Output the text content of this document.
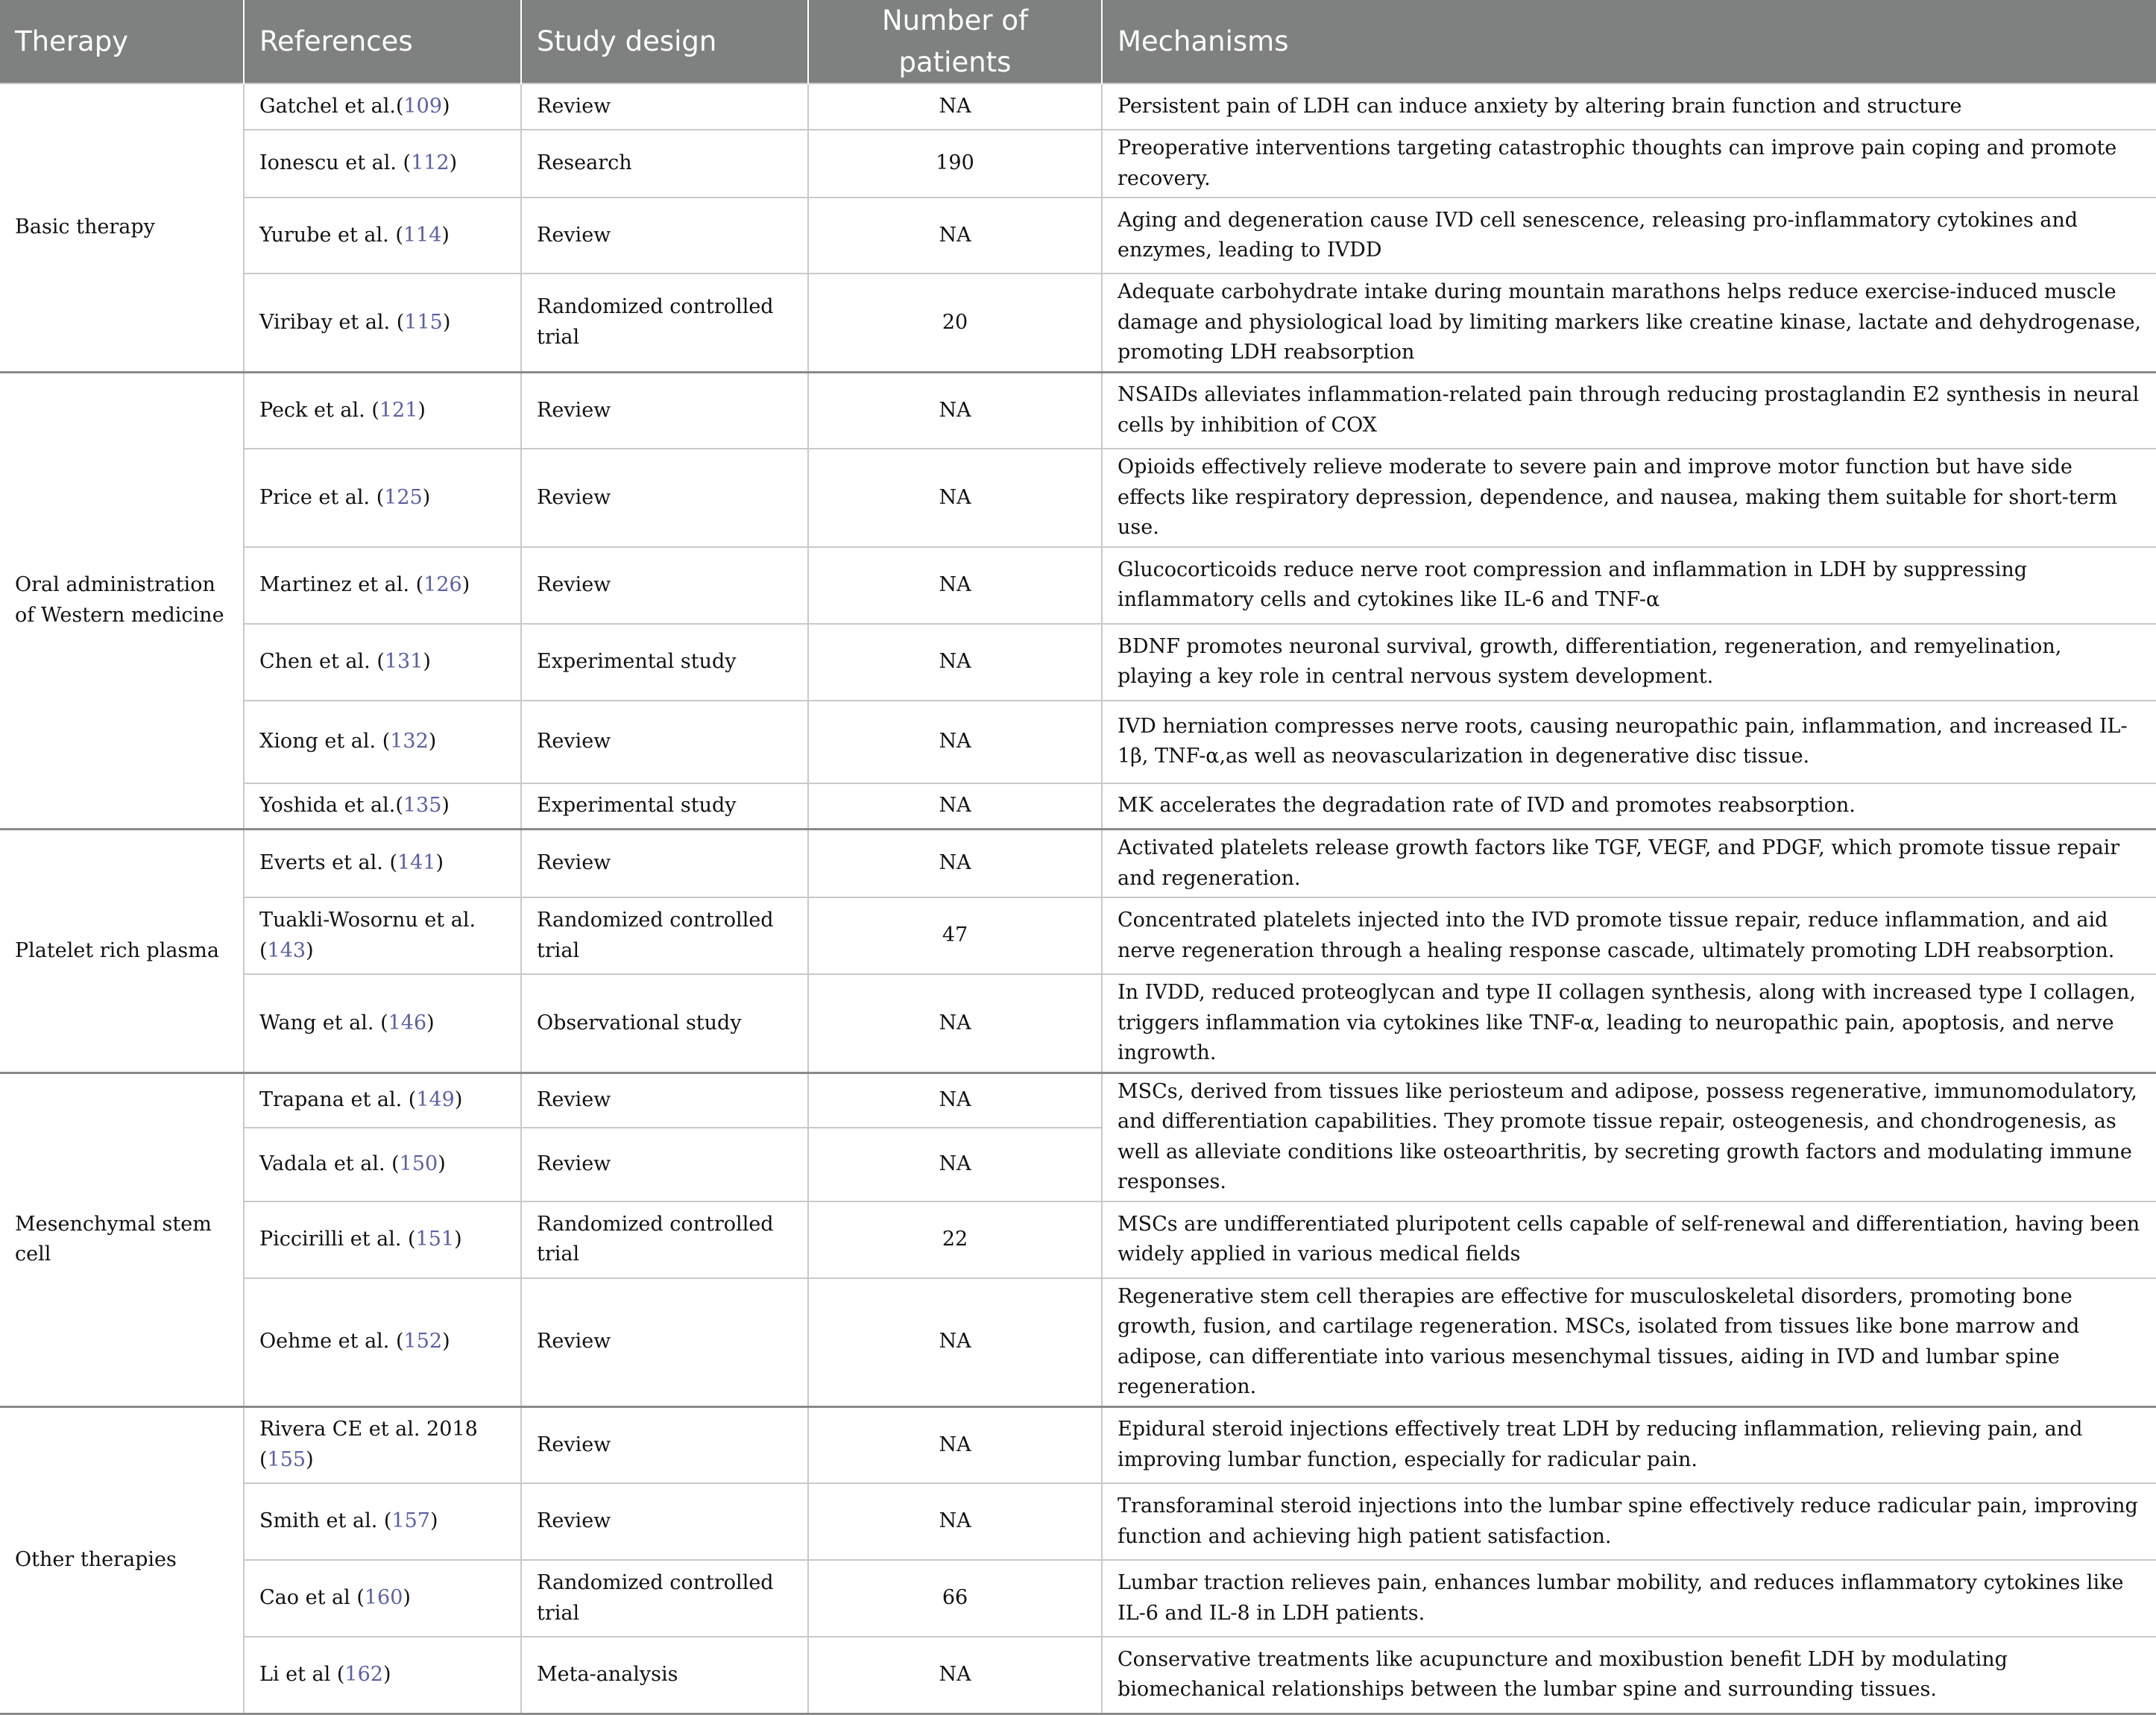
Therapy	References	Study design	Number of patients	Mechanisms
Basic therapy	Gatchel et al.(109)	Review	NA	Persistent pain of LDH can induce anxiety by altering brain function and structure
	Ionescu et al. (112)	Research	190	Preoperative interventions targeting catastrophic thoughts can improve pain coping and promote recovery.
	Yurube et al. (114)	Review	NA	Aging and degeneration cause IVD cell senescence, releasing pro-inflammatory cytokines and enzymes, leading to IVDD
	Viribay et al. (115)	Randomized controlled trial	20	Adequate carbohydrate intake during mountain marathons helps reduce exercise-induced muscle damage and physiological load by limiting markers like creatine kinase, lactate and dehydrogenase, promoting LDH reabsorption
Oral administration of Western medicine	Peck et al. (121)	Review	NA	NSAIDs alleviates inflammation-related pain through reducing prostaglandin E2 synthesis in neural cells by inhibition of COX
	Price et al. (125)	Review	NA	Opioids effectively relieve moderate to severe pain and improve motor function but have side effects like respiratory depression, dependence, and nausea, making them suitable for short-term use.
	Martinez et al. (126)	Review	NA	Glucocorticoids reduce nerve root compression and inflammation in LDH by suppressing inflammatory cells and cytokines like IL-6 and TNF-α
	Chen et al. (131)	Experimental study	NA	BDNF promotes neuronal survival, growth, differentiation, regeneration, and remyelination, playing a key role in central nervous system development.
	Xiong et al. (132)	Review	NA	IVD herniation compresses nerve roots, causing neuropathic pain, inflammation, and increased IL-1β, TNF-α,as well as neovascularization in degenerative disc tissue.
	Yoshida et al.(135)	Experimental study	NA	MK accelerates the degradation rate of IVD and promotes reabsorption.
Platelet rich plasma	Everts et al. (141)	Review	NA	Activated platelets release growth factors like TGF, VEGF, and PDGF, which promote tissue repair and regeneration.
	Tuakli-Wosornu et al. (143)	Randomized controlled trial	47	Concentrated platelets injected into the IVD promote tissue repair, reduce inflammation, and aid nerve regeneration through a healing response cascade, ultimately promoting LDH reabsorption.
	Wang et al. (146)	Observational study	NA	In IVDD, reduced proteoglycan and type II collagen synthesis, along with increased type I collagen, triggers inflammation via cytokines like TNF-α, leading to neuropathic pain, apoptosis, and nerve ingrowth.
Mesenchymal stem cell	Trapana et al. (149)	Review	NA	MSCs, derived from tissues like periosteum and adipose, possess regenerative, immunomodulatory, and differentiation capabilities. They promote tissue repair, osteogenesis, and chondrogenesis, as well as alleviate conditions like osteoarthritis, by secreting growth factors and modulating immune responses.
	Vadala et al. (150)	Review	NA	
	Piccirilli et al. (151)	Randomized controlled trial	22	MSCs are undifferentiated pluripotent cells capable of self-renewal and differentiation, having been widely applied in various medical fields
	Oehme et al. (152)	Review	NA	Regenerative stem cell therapies are effective for musculoskeletal disorders, promoting bone growth, fusion, and cartilage regeneration. MSCs, isolated from tissues like bone marrow and adipose, can differentiate into various mesenchymal tissues, aiding in IVD and lumbar spine regeneration.
Other therapies	Rivera CE et al. 2018 (155)	Review	NA	Epidural steroid injections effectively treat LDH by reducing inflammation, relieving pain, and improving lumbar function, especially for radicular pain.
	Smith et al. (157)	Review	NA	Transforaminal steroid injections into the lumbar spine effectively reduce radicular pain, improving function and achieving high patient satisfaction.
	Cao et al (160)	Randomized controlled trial	66	Lumbar traction relieves pain, enhances lumbar mobility, and reduces inflammatory cytokines like IL-6 and IL-8 in LDH patients.
	Li et al (162)	Meta-analysis	NA	Conservative treatments like acupuncture and moxibustion benefit LDH by modulating biomechanical relationships between the lumbar spine and surrounding tissues.
